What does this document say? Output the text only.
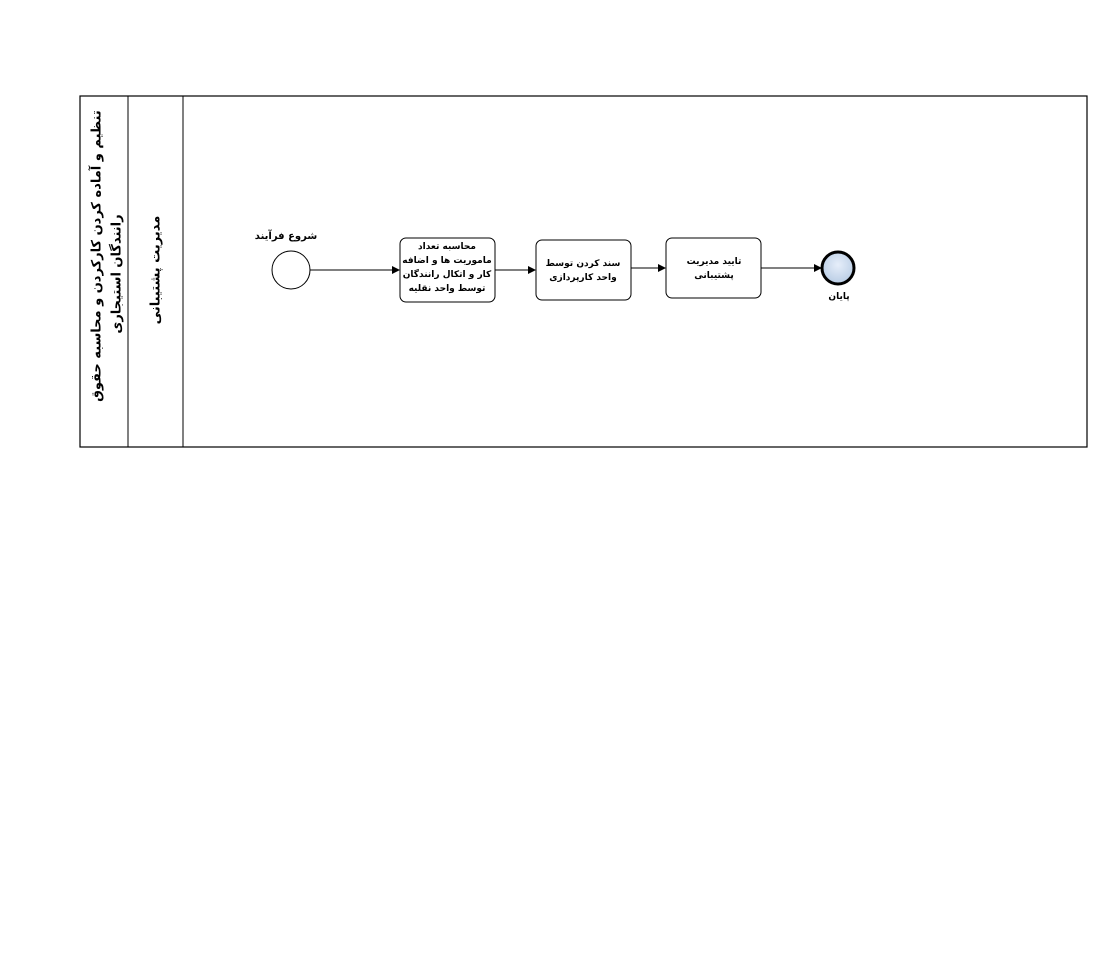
تنظیم و آماده کردن کارکردن و محاسبه حقوق رانندگان استیجاری مدیریت پشتیبانی	شروع فرآیند
محاسبه تعداد
ماموریت ها و اضافه
کار و اتکال رانندگان
توسط واحد نقلیه
سند کردن توسط
واحد کارپردازی
تایید مدیریت
پشتیبانی
پایان
